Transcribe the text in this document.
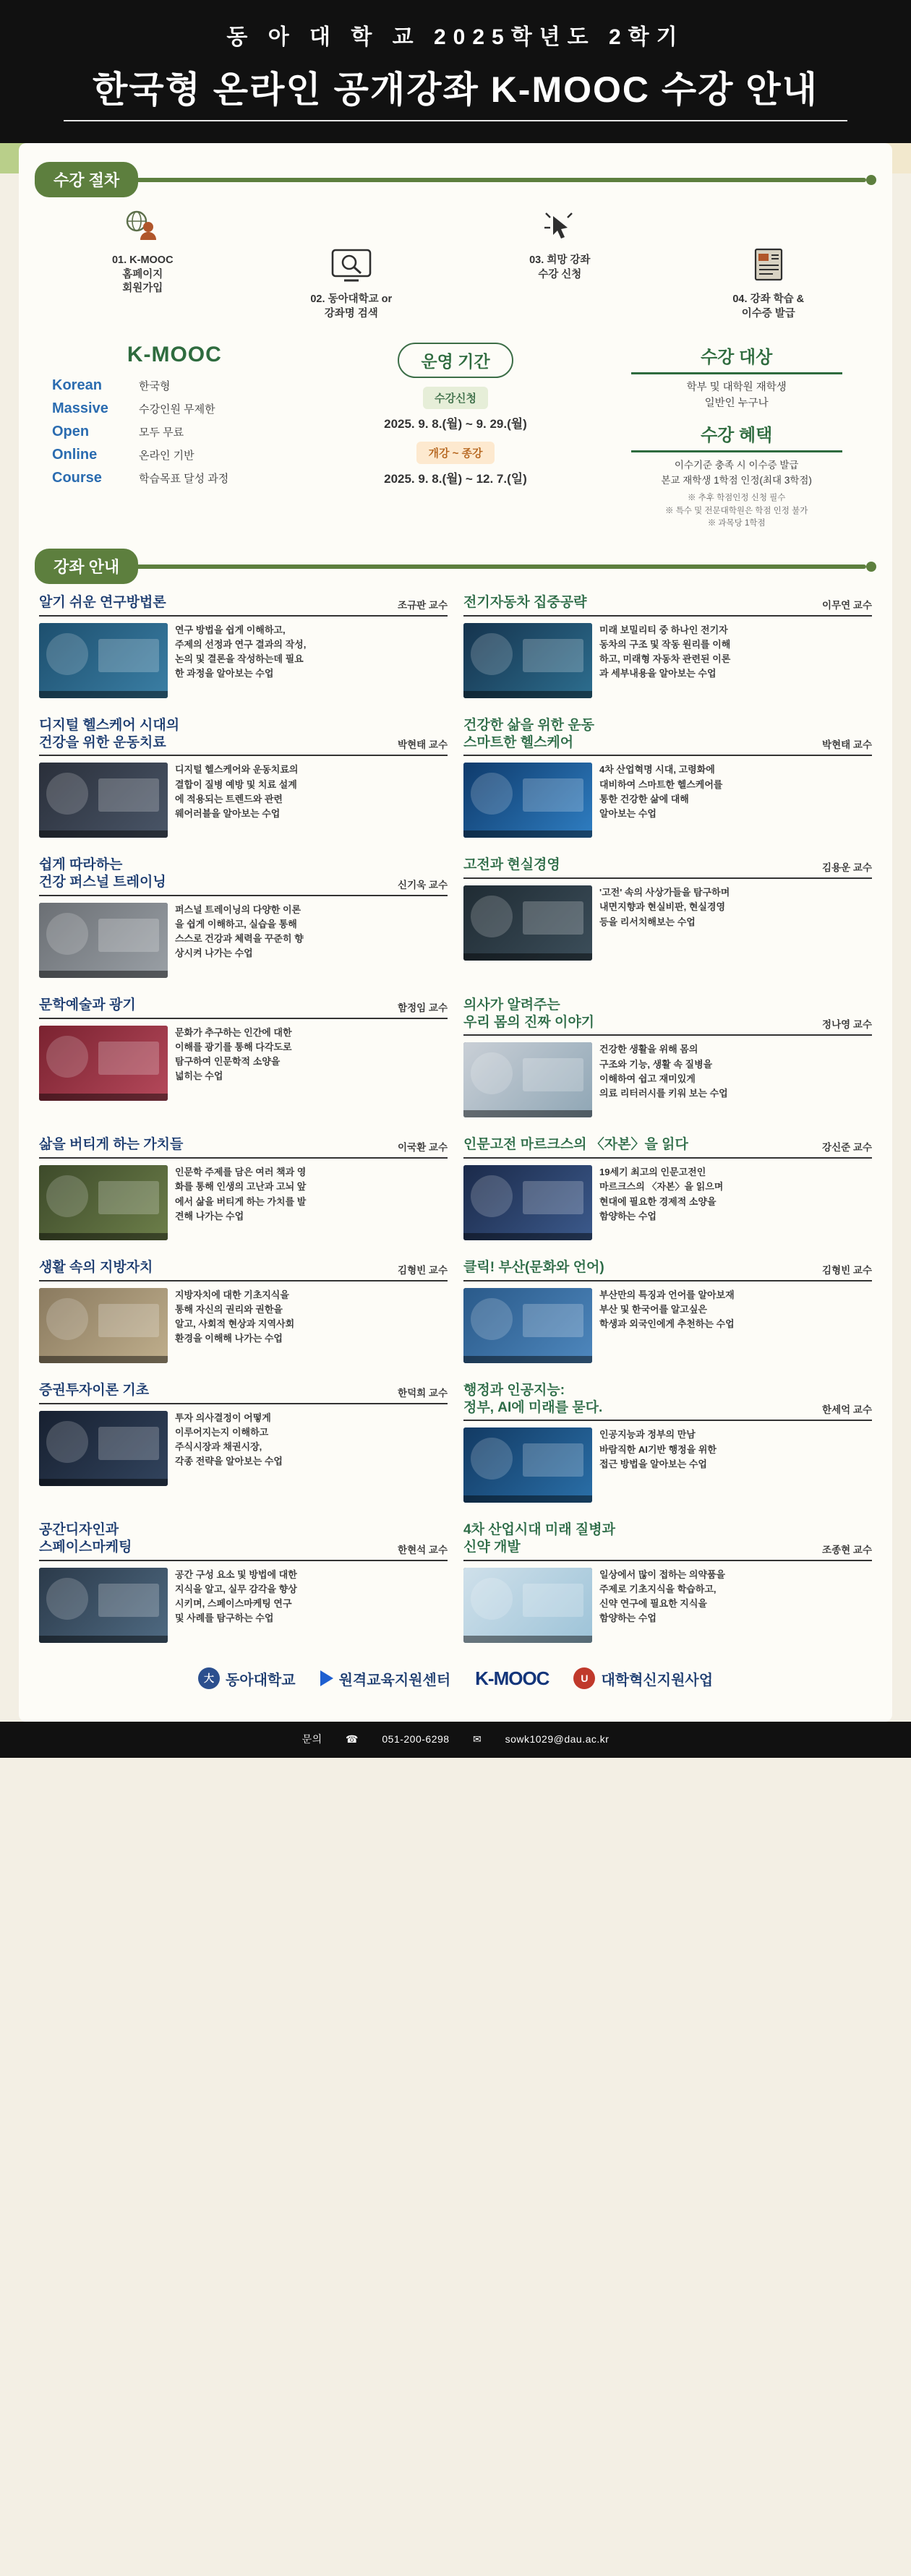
동 아 대 학 교 2025학년도 2학기
한국형 온라인 공개강좌 K-MOOC 수강 안내
수강 절차
01. K-MOOC
홈페이지
회원가입
02. 동아대학교 or
강좌명 검색
03. 희망 강좌
수강 신청
04. 강좌 학습 &
이수증 발급
K-MOOC
Korean	한국형
Massive	수강인원 무제한
Open	모두 무료
Online	온라인 기반
Course	학습목표 달성 과정
운영 기간
수강신청
2025. 9. 8.(월) ~ 9. 29.(월)
개강 ~ 종강
2025. 9. 8.(월) ~ 12. 7.(일)
수강 대상
학부 및 대학원 재학생
일반인 누구나
수강 혜택
이수기준 충족 시 이수증 발급
본교 재학생 1학점 인정(최대 3학점)
※ 추후 학점인정 신청 필수
※ 특수 및 전문대학원은 학점 인정 불가
※ 과목당 1학점
강좌 안내
알기 쉬운 연구방법론	조규판 교수
연구 방법을 쉽게 이해하고,
주제의 선정과 연구 결과의 작성,
논의 및 결론을 작성하는데 필요
한 과정을 알아보는 수업
전기자동차 집중공략	이무연 교수
미래 보밀리티 중 하나인 전기자
동차의 구조 및 작동 원리를 이해
하고, 미래형 자동차 관련된 이론
과 세부내용을 알아보는 수업
디지털 헬스케어 시대의
건강을 위한 운동치료	박현태 교수
디지털 헬스케어와 운동치료의
결합이 질병 예방 및 치료 설계
에 적용되는 트렌드와 관련
웨어러블을 알아보는 수업
건강한 삶을 위한 운동
스마트한 헬스케어	박현태 교수
4차 산업혁명 시대, 고령화에
대비하여 스마트한 헬스케어를
통한 건강한 삶에 대해
알아보는 수업
쉽게 따라하는
건강 퍼스널 트레이닝	신기욱 교수
퍼스널 트레이닝의 다양한 이론
을 쉽게 이해하고, 실습을 통해
스스로 건강과 체력을 꾸준히 향
상시켜 나가는 수업
고전과 현실경영	김용운 교수
'고전' 속의 사상가들을 탐구하며
내면지향과 현실비판, 현실경영
등을 리서치해보는 수업
문학예술과 광기	함정임 교수
문화가 추구하는 인간에 대한
이해를 광기를 통해 다각도로
탐구하여 인문학적 소양을
넓히는 수업
의사가 알려주는
우리 몸의 진짜 이야기	정나영 교수
건강한 생활을 위해 몸의
구조와 기능, 생활 속 질병을
이해하여 쉽고 재미있게
의료 리터러시를 키워 보는 수업
삶을 버티게 하는 가치들	이국환 교수
인문학 주제를 담은 여러 책과 영
화를 통해 인생의 고난과 고뇌 앞
에서 삶을 버티게 하는 가치를 발
견해 나가는 수업
인문고전 마르크스의 〈자본〉을 읽다	강신준 교수
19세기 최고의 인문고전인
마르크스의 〈자본〉을 읽으며
현대에 필요한 경제적 소양을
함양하는 수업
생활 속의 지방자치	김형빈 교수
지방자치에 대한 기초지식을
통해 자신의 권리와 권한을
알고, 사회적 현상과 지역사회
환경을 이해해 나가는 수업
클릭! 부산(문화와 언어)	김형빈 교수
부산만의 특징과 언어를 알아보재
부산 및 한국어를 알고싶은
학생과 외국인에게 추천하는 수업
증권투자이론 기초	한덕희 교수
투자 의사결정이 어떻게
이루어지는지 이해하고
주식시장과 채권시장,
각종 전략을 알아보는 수업
행정과 인공지능:
정부, AI에 미래를 묻다.	한세억 교수
인공지능과 정부의 만남
바람직한 AI기반 행정을 위한
접근 방법을 알아보는 수업
공간디자인과
스페이스마케팅	한현석 교수
공간 구성 요소 및 방법에 대한
지식을 알고, 실무 감각을 향상
시키며, 스페이스마케팅 연구
및 사례를 탐구하는 수업
4차 산업시대 미래 질병과
신약 개발	조종현 교수
일상에서 많이 접하는 의약품을
주제로 기초지식을 학습하고,
신약 연구에 필요한 지식을
함양하는 수업
大 동아대학교	원격교육지원센터 K-MOOC	U 대학혁신지원사업
문의 ☎ 051-200-6298 ✉ sowk1029@dau.ac.kr
